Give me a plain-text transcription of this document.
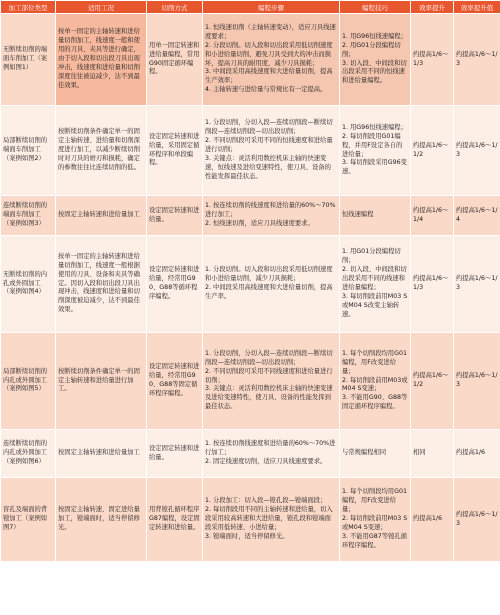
加工部位类型	适用工况	切削方式	编程步骤	编程技巧	效率提升	效率提升值
无断续切削的端面车削加工（案例如图1）	按单一固定的主轴转速和进给量切削加工，线速度一般和使用的刀具、夹具等进行确定，由于切入段和切出段刀具出现冲击，线速度和进给量和切削深度往往被迫减少，达不到最佳效果。	用单一固定转速和进给量编程，常用G90固定循环编程。	1. 恒线速切削（主轴转速变动），适应刀具线速度要求；
2. 分段切削。切入段和切出段采用低切削速度和小进给量切削，避免刀具受到大的冲击而损坏，提高刀具的耐用度，减少刀具损耗；
3. 中间段采用高线速度和大进给量切削，提高生产效率；
4. 主轴转速与进给量与常规比有一定提高。	1. 用G96恒线速编程；
2. 用G01分段编程切削；
3. 切入段、中间段和切出段采用不同的恒线速和进给量编程。	约提高1/6～1/3	约提高1/6～1/3
局部断续切削的端面车削加工（案例如图2）	按断续切削条件确定单一的固定主轴转速、进给量和切削深度进行加工，以减少断续切削时对刀具的磨刃和损耗，确定的参数往往比连续切削的低。	设定固定转速和进给量，采用固定循环程序和单段编程。	1. 分段切削，分切入段—连续切削段—断续切削段—连续切削段—切出段切削；
2. 不同切削段可采用不同的恒线速度和进给量进行切削；
3. 关键点：灵活利用数控机床主轴的快速变速，恒线速及进给变速特性，使刀具、设备的性能发挥最佳状态。	1. 用G96恒线速编程；
2. 每切削段用G01编程，并用F设定各自的进给量；
3. 每切削段采用G96变速。	约提高1/6～1/2	约提高1/6～1/3
连续断续切削的端面车削加工（案例如图3）	按固定主轴转速和进给量加工	设定固定转速和进给量。	1. 按连续切削的线速度和进给量的60%～70%进行加工；
2. 恒线速切削，适应刀具线速度要求。	恒线速编程	约提高1/6～1/4	约提高1/6～1/4
无断续切削的内孔或外圆加工（案例如图4）	按单一固定的主轴转速和进给量切削加工，线速度一般根据使用的刀具、设备和夹具等确定。因切入段和切出段刀具出现冲击，线速度和进给量和切削深度被迫减少，达不到最佳效果。	设定固定转速和进给量，经常用G90、G88等循环程序编程。	1. 分段切削。切入段和切出段采用低切削速度和小进给量切削，减少刀具损耗；
2. 中间段采用高线速度和大进给量切削，提高生产率。	1. 用G01分段编程切削；
2. 切入段、中间段和切出段采用不同的线速和进给量编程；
3. 每切削段前用M03 S或M04 S改变主轴转速。	约提高1/6～1/3	约提高1/6～1/3
局部断续切削的内孔或外圆加工（案例如图5）	按断续切削条件确定单一的固定主轴转速和进给量进行加工。	设定固定转速和进给量，经常用G90、G88等固定循环程序编程。	1. 分段切削，分切入段—连续切削段—断续切削段—连续切削段—切出段切削；
2. 不同切削段可采用不同线速度和进给量进行切削；
3. 关键点：灵活利用数控机床主轴的快速变速及进给变速特性，使刀具、设备的性能发挥到最佳状态。	1. 每个切削段均用G01编程，用F改变进给量；
2. 每切削段前用M03或M04 S变速；
3. 不能用G90、G88等固定循环程序编程。	约提高1/6～1/2	约提高1/6～1/3
连续断续切削的内孔或外圆加工（案例如图6）	按固定主轴转速和进给量加工	设定固定转速和进给量。	1. 按连续切削线速度和进给量的60%～70%进行加工；
2. 固定线速度切削，适应刀具线速度要求。	与常规编程相同	相同	约提高1/6
盲孔及端面的背镗加工（案例如图7）	按固定主轴转速、固定进给量加工，镗端面时，适当停留修光。	用背镗孔循环程序G87编程，设定固定转速和进给量。	1. 分段加工：切入段—镗孔段—镗端面段；
2. 每切削段用不同的主轴转速和进给量，切入段采用较高转速和大进给量，镗孔段和镗端面段采用低转速、小进给量；
3. 镗端面时，适当停留修光。	1. 每个切削段均用G01编程，用F改变进给量；
2. 每切削段前用M03 S或M04 S变速；
3. 不能用G87等镗孔循环程序编程。	约提高1/6	约提高1/6～1/3
